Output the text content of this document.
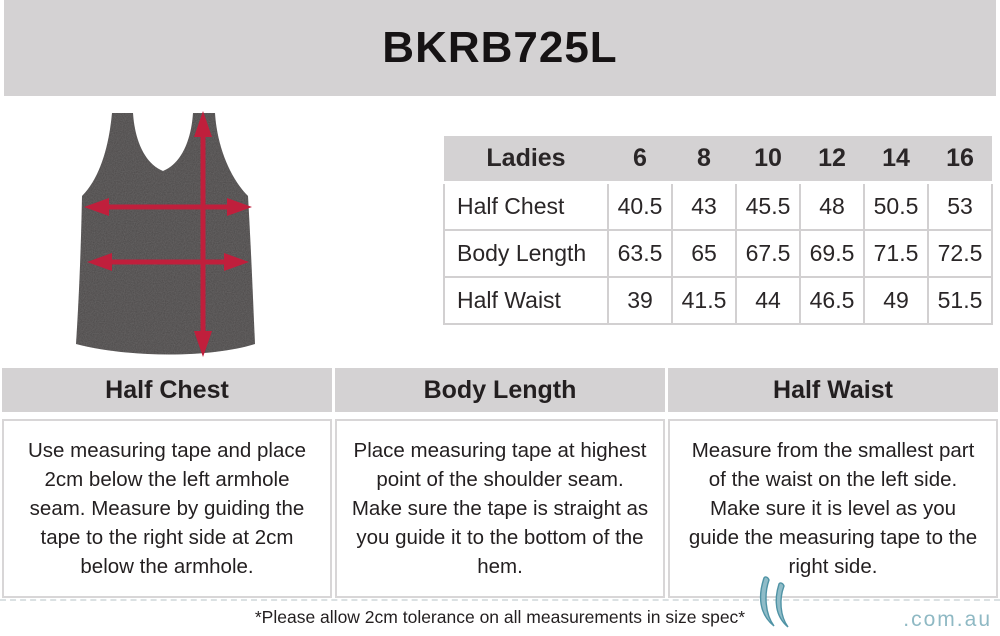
BKRB725L
Ladies	6	8	10	12	14	16
Half Chest	40.5	43	45.5	48	50.5	53
Body Length	63.5	65	67.5	69.5	71.5	72.5
Half Waist	39	41.5	44	46.5	49	51.5
Half Chest	Body Length	Half Waist
Use measuring tape and place 2cm below the left armhole seam. Measure by guiding the tape to the right side at 2cm below the armhole.
Place measuring tape at highest point of the shoulder seam. Make sure the tape is straight as you guide it to the bottom of the hem.
Measure from the smallest part of the waist on the left side. Make sure it is level as you guide the measuring tape to the right side.
*Please allow 2cm tolerance on all measurements in size spec*	.com.au
